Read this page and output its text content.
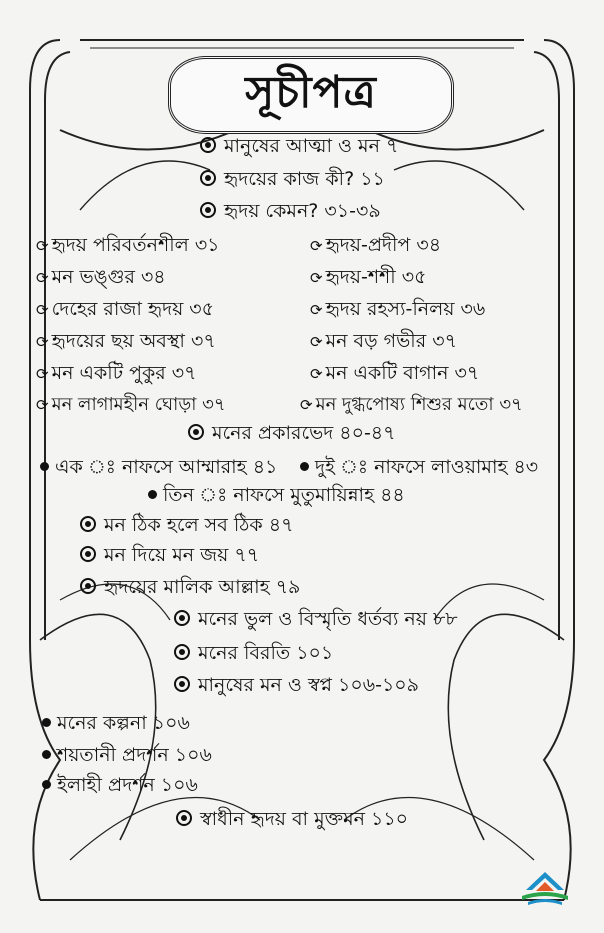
সূচীপত্র
মানুষের আত্মা ও মন ৭
হৃদয়ের কাজ কী? ১১
হৃদয় কেমন? ৩১-৩৯
⟳ হৃদয় পরিবর্তনশীল ৩১
⟳ মন ভঙ্গুর ৩৪
⟳ দেহের রাজা হৃদয় ৩৫
⟳ হৃদয়ের ছয় অবস্থা ৩৭
⟳ মন একটি পুকুর ৩৭
⟳ মন লাগামহীন ঘোড়া ৩৭
⟳ হৃদয়-প্রদীপ ৩৪
⟳ হৃদয়-শশী ৩৫
⟳ হৃদয় রহস্য-নিলয় ৩৬
⟳ মন বড় গভীর ৩৭
⟳ মন একটি বাগান ৩৭
⟳ মন দুগ্ধপোষ্য শিশুর মতো ৩৭
মনের প্রকারভেদ ৪০-৪৭
এক ঃ নাফসে আম্মারাহ ৪১	দুই ঃ নাফসে লাওয়ামাহ ৪৩
তিন ঃ নাফসে মুতুমায়িন্নাহ ৪৪
মন ঠিক হলে সব ঠিক ৪৭
মন দিয়ে মন জয় ৭৭
হৃদয়ের মালিক আল্লাহ ৭৯
মনের ভুল ও বিস্মৃতি ধর্তব্য নয় ৮৮
মনের বিরতি ১০১
মানুষের মন ও স্বপ্ন ১০৬-১০৯
মনের কল্পনা ১০৬
শয়তানী প্রদর্শন ১০৬
ইলাহী প্রদর্শন ১০৬
স্বাধীন হৃদয় বা মুক্তমন ১১০
